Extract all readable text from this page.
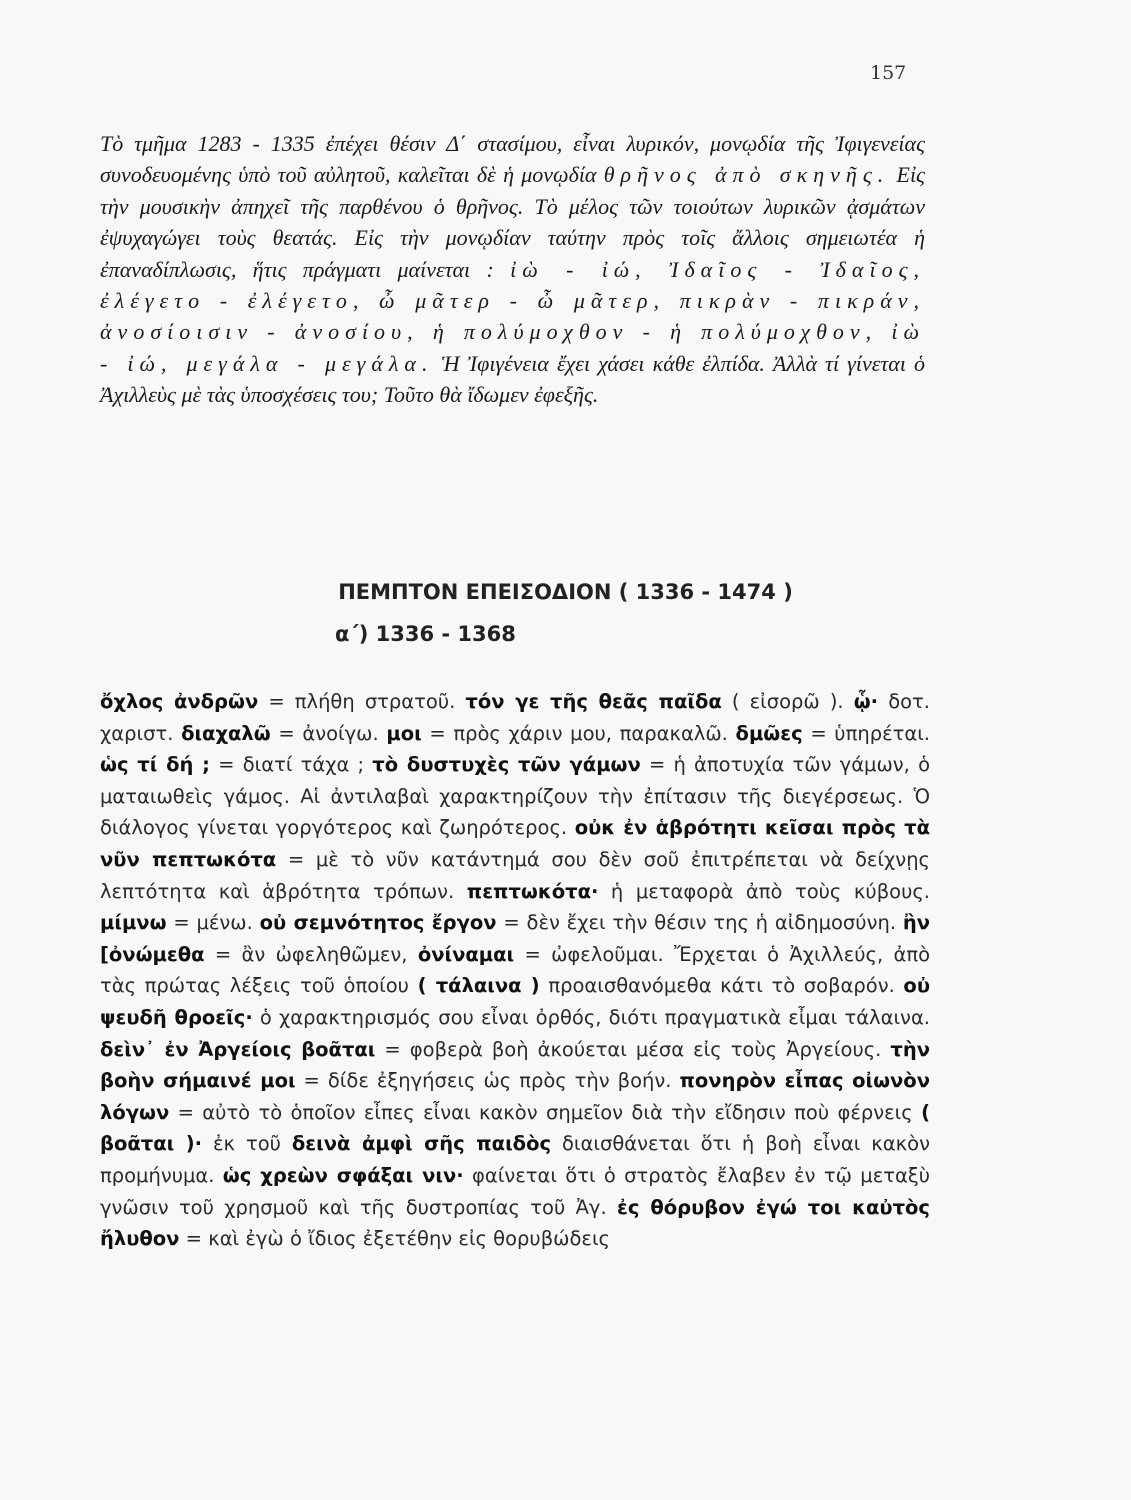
157

Τὸ τμῆμα 1283 - 1335 ἐπέχει θέσιν Δ΄ στασίμου, εἶναι λυρικόν, μονῳδία τῆς Ἰφιγενείας συνοδευομένης ὑπὸ τοῦ αὐλητοῦ, καλεῖται δὲ ἡ μονῳδία θρῆνος ἀπὸ σκηνῆς. Εἰς τὴν μουσικὴν ἀπηχεῖ τῆς παρθένου ὁ θρῆνος. Τὸ μέλος τῶν τοιούτων λυρικῶν ᾀσμάτων ἐψυχαγώγει τοὺς θεατάς. Εἰς τὴν μονῳδίαν ταύτην πρὸς τοῖς ἄλλοις σημειωτέα ἡ ἐπαναδίπλωσις, ἥτις πράγματι μαίνεται : ἰὼ - ἰώ, Ἰδαῖος - Ἰδαῖος, ἐλέγετο - ἐλέγετο, ὦ μᾶτερ - ὦ μᾶτερ, πικρὰν - πικράν, ἀνοσίοισιν - ἀνοσίου, ἡ πολύμοχθον - ἡ πολύμοχθον, ἰὼ - ἰώ, μεγάλα - μεγάλα. Ἡ Ἰφιγένεια ἔχει χάσει κάθε ἐλπίδα. Ἀλλὰ τί γίνεται ὁ Ἀχιλλεὺς μὲ τὰς ὑποσχέσεις του; Τοῦτο θὰ ἴδωμεν ἐφεξῆς.

ΠΕΜΠΤΟΝ ΕΠΕΙΣΟΔΙΟΝ ( 1336 - 1474 )
α΄) 1336 - 1368

ὄχλος ἀνδρῶν = πλήθη στρατοῦ. τόν γε τῆς θεᾶς παῖδα ( εἰσορῶ ). ᾧ· δοτ. χαριστ. διαχαλῶ = ἀνοίγω. μοι = πρὸς χάριν μου, παρακαλῶ. δμῶες = ὑπηρέται. ὡς τί δή ; = διατί τάχα ; τὸ δυστυχὲς τῶν γάμων = ἡ ἀποτυχία τῶν γάμων, ὁ ματαιωθεὶς γάμος. Αἱ ἀντιλαβαὶ χαρακτηρίζουν τὴν ἐπίτασιν τῆς διεγέρσεως. Ὁ διάλογος γίνεται γοργότερος καὶ ζωηρότερος. οὐκ ἐν ἁβρότητι κεῖσαι πρὸς τὰ νῦν πεπτωκότα = μὲ τὸ νῦν κατάντημά σου δὲν σοῦ ἐπιτρέπεται νὰ δείχνῃς λεπτότητα καὶ ἁβρότητα τρόπων. πεπτωκότα· ἡ μεταφορὰ ἀπὸ τοὺς κύβους. μίμνω = μένω. οὐ σεμνότητος ἔργον = δὲν ἔχει τὴν θέσιν της ἡ αἰδημοσύνη. ἢν [ὀνώμεθα = ἂν ὠφεληθῶμεν, ὀνίναμαι = ὠφελοῦμαι. Ἔρχεται ὁ Ἀχιλλεύς, ἀπὸ τὰς πρώτας λέξεις τοῦ ὁποίου ( τάλαινα ) προαισθανόμεθα κάτι τὸ σοβαρόν. οὐ ψευδῆ θροεῖς· ὁ χαρακτηρισμός σου εἶναι ὀρθός, διότι πραγματικὰ εἶμαι τάλαινα. δεὶν᾽ ἐν Ἀργείοις βοᾶται = φοβερὰ βοὴ ἀκούεται μέσα εἰς τοὺς Ἀργείους. τὴν βοὴν σήμαινέ μοι = δίδε ἐξηγήσεις ὡς πρὸς τὴν βοήν. πονηρὸν εἶπας οἰωνὸν λόγων = αὐτὸ τὸ ὁποῖον εἶπες εἶναι κακὸν σημεῖον διὰ τὴν εἴδησιν ποὺ φέρνεις ( βοᾶται )· ἐκ τοῦ δεινὰ ἀμφὶ σῆς παιδὸς διαισθάνεται ὅτι ἡ βοὴ εἶναι κακὸν προμήνυμα. ὡς χρεὼν σφάξαι νιν· φαίνεται ὅτι ὁ στρατὸς ἔλαβεν ἐν τῷ μεταξὺ γνῶσιν τοῦ χρησμοῦ καὶ τῆς δυστροπίας τοῦ Ἀγ. ἐς θόρυβον ἐγώ τοι καὐτὸς ἤλυθον = καὶ ἐγὼ ὁ ἴδιος ἐξετέθην εἰς θορυβώδεις
